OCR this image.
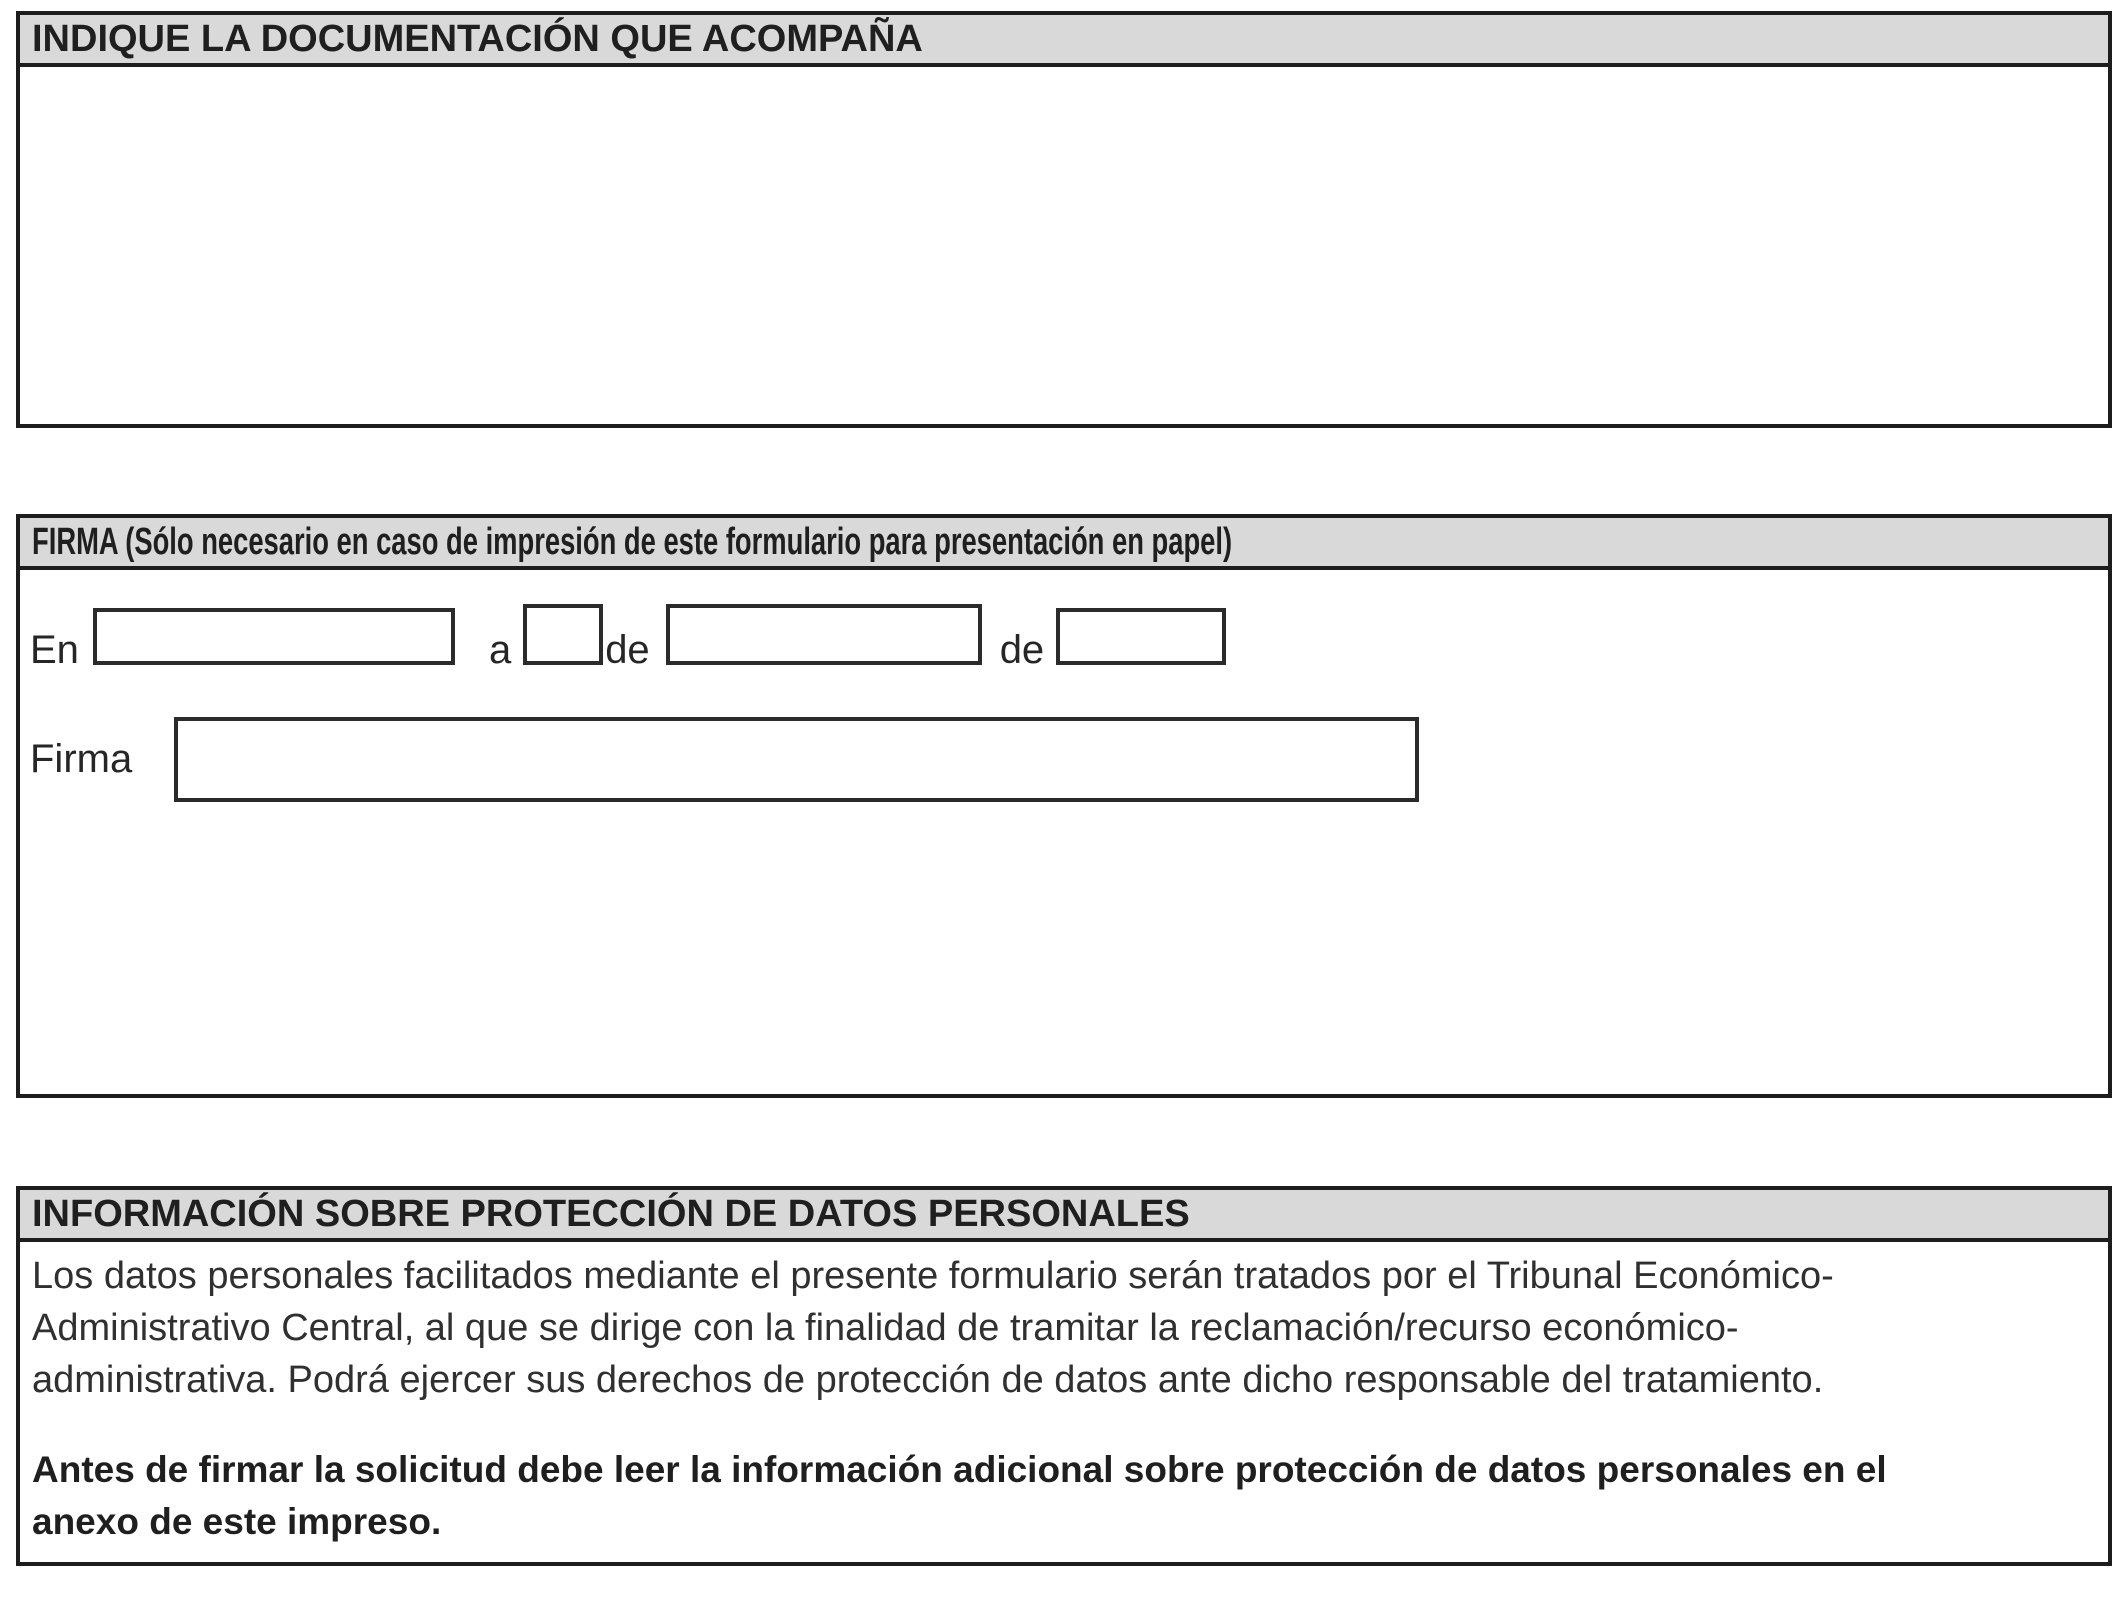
INDIQUE LA DOCUMENTACIÓN QUE ACOMPAÑA
FIRMA (Sólo necesario en caso de impresión de este formulario para presentación en papel)
En	a de	de
Firma
INFORMACIÓN SOBRE PROTECCIÓN DE DATOS PERSONALES
Los datos personales facilitados mediante el presente formulario serán tratados por el Tribunal Económico-
Administrativo Central, al que se dirige con la finalidad de tramitar la reclamación/recurso económico-
administrativa. Podrá ejercer sus derechos de protección de datos ante dicho responsable del tratamiento.
Antes de firmar la solicitud debe leer la información adicional sobre protección de datos personales en el
anexo de este impreso.
